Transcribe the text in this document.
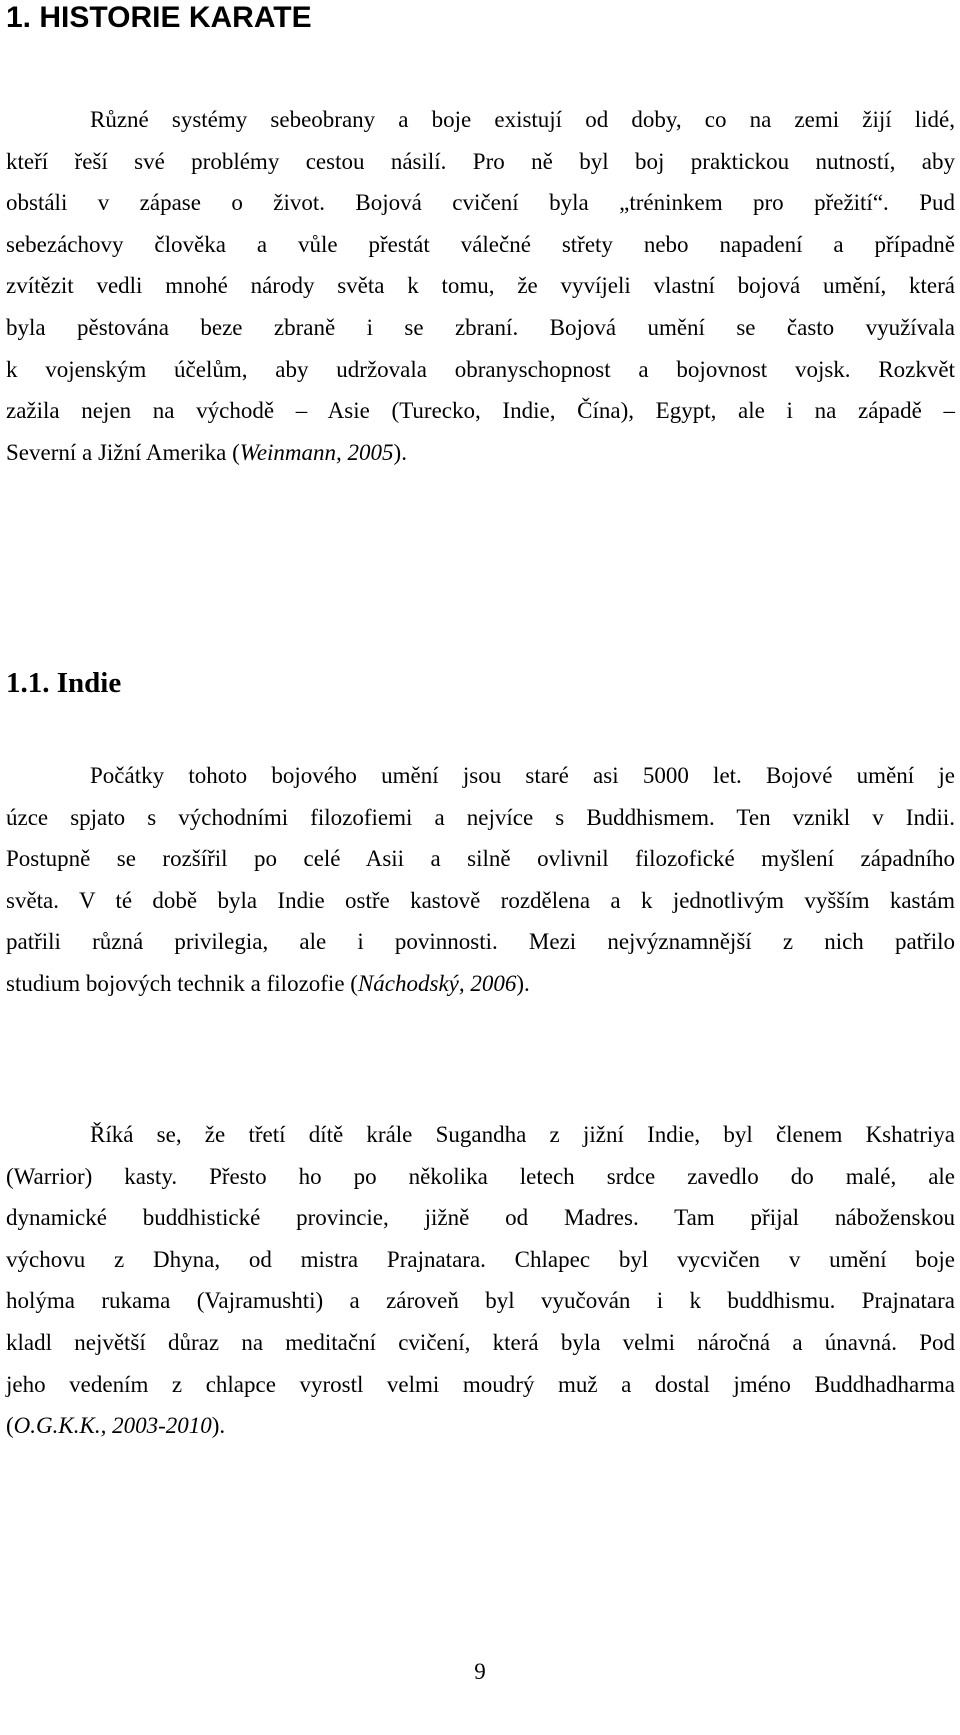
1. HISTORIE KARATE
Různé systémy sebeobrany a boje existují od doby, co na zemi žijí lidé,
kteří řeší své problémy cestou násilí. Pro ně byl boj praktickou nutností, aby
obstáli v zápase o život. Bojová cvičení byla „tréninkem pro přežití“. Pud
sebezáchovy člověka a vůle přestát válečné střety nebo napadení a případně
zvítězit vedli mnohé národy světa k tomu, že vyvíjeli vlastní bojová umění, která
byla pěstována beze zbraně i se zbraní. Bojová umění se často využívala
k vojenským účelům, aby udržovala obranyschopnost a bojovnost vojsk. Rozkvět
zažila nejen na východě – Asie (Turecko, Indie, Čína), Egypt, ale i na západě –
Severní a Jižní Amerika (Weinmann, 2005).
1.1. Indie
Počátky tohoto bojového umění jsou staré asi 5000 let. Bojové umění je
úzce spjato s východními filozofiemi a nejvíce s Buddhismem. Ten vznikl v Indii.
Postupně se rozšířil po celé Asii a silně ovlivnil filozofické myšlení západního
světa. V té době byla Indie ostře kastově rozdělena a k jednotlivým vyšším kastám
patřili různá privilegia, ale i povinnosti. Mezi nejvýznamnější z nich patřilo
studium bojových technik a filozofie (Náchodský, 2006).
Říká se, že třetí dítě krále Sugandha z jižní Indie, byl členem Kshatriya
(Warrior) kasty. Přesto ho po několika letech srdce zavedlo do malé, ale
dynamické buddhistické provincie, jižně od Madres. Tam přijal náboženskou
výchovu z Dhyna, od mistra Prajnatara. Chlapec byl vycvičen v umění boje
holýma rukama (Vajramushti) a zároveň byl vyučován i k buddhismu. Prajnatara
kladl největší důraz na meditační cvičení, která byla velmi náročná a únavná. Pod
jeho vedením z chlapce vyrostl velmi moudrý muž a dostal jméno Buddhadharma
(O.G.K.K., 2003-2010).

9
